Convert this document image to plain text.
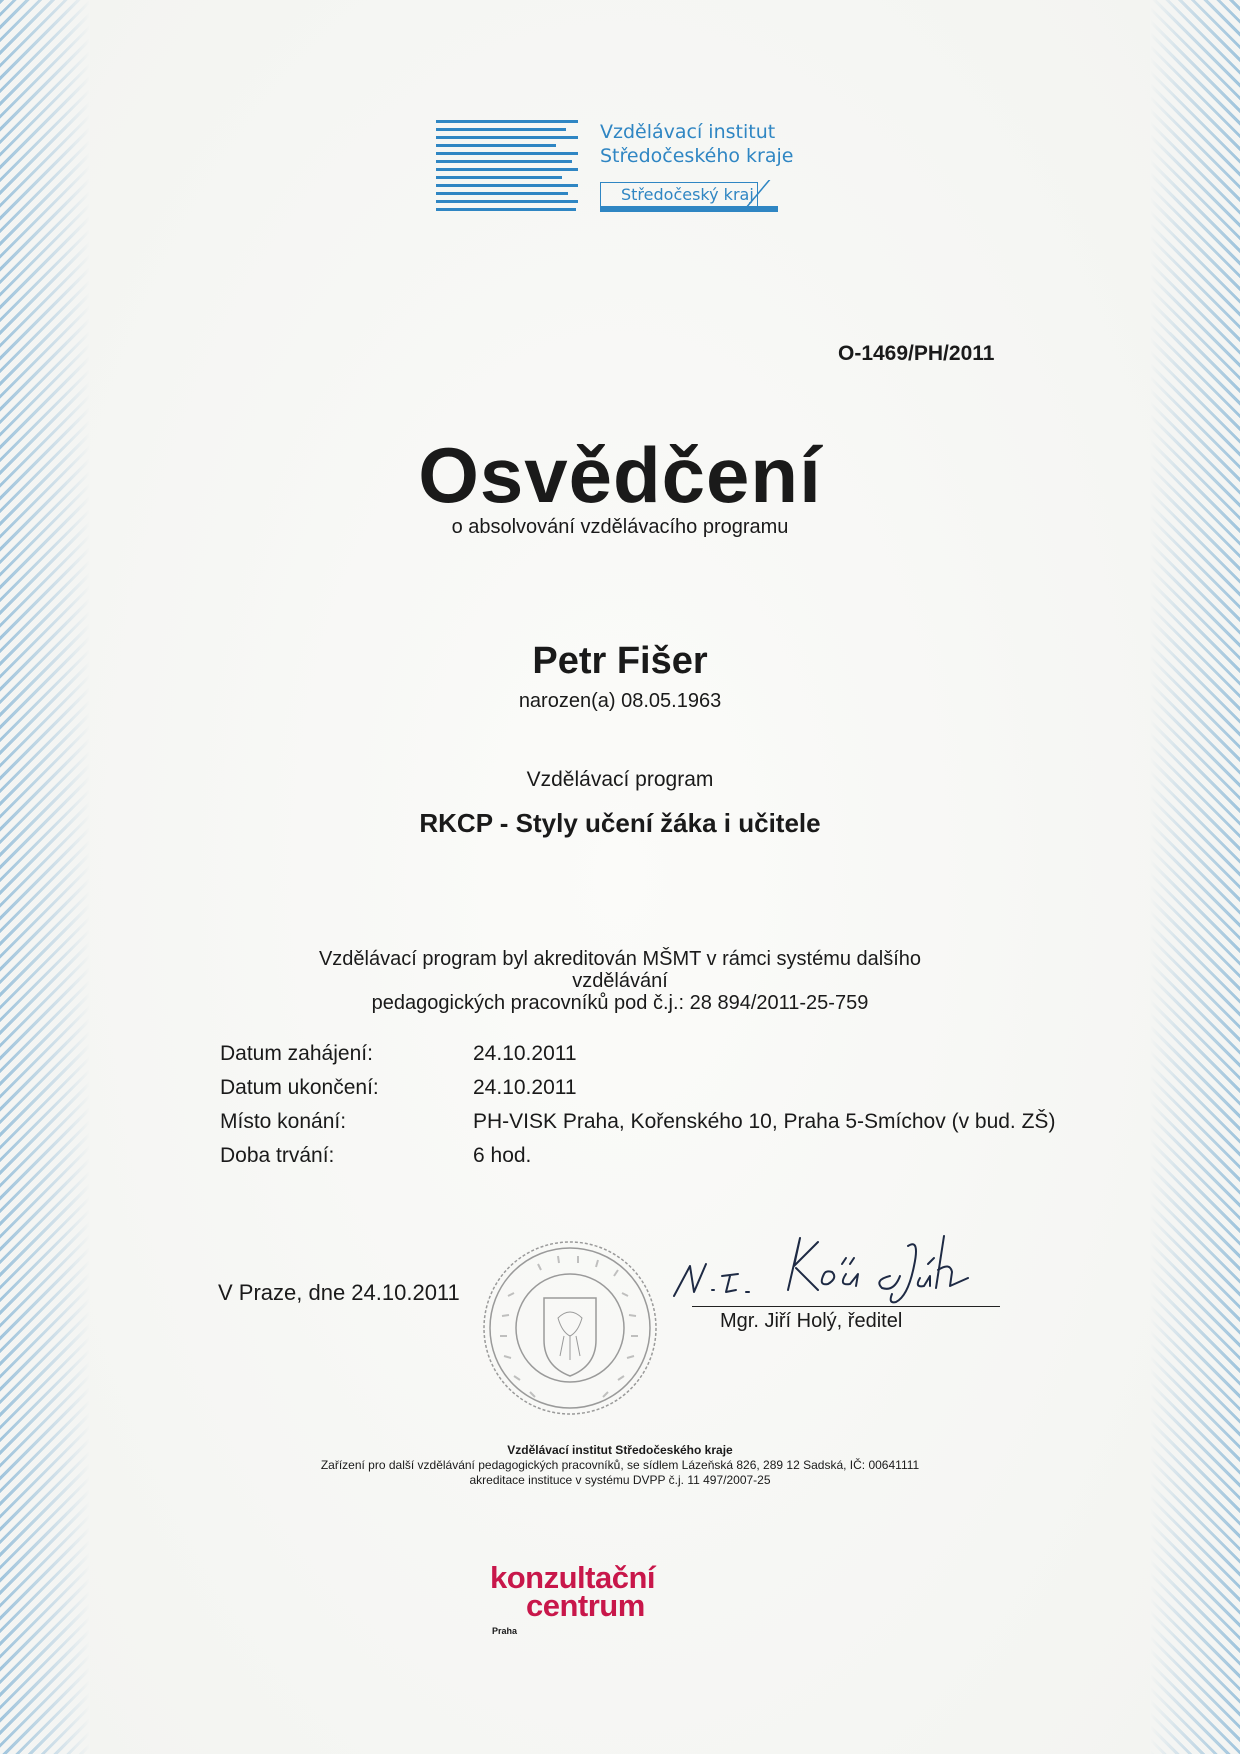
Vzdělávací institut
Středočeského kraje
Středočeský kraj
O-1469/PH/2011
Osvědčení
o absolvování vzdělávacího programu
Petr Fišer
narozen(a) 08.05.1963
Vzdělávací program
RKCP - Styly učení žáka i učitele
Vzdělávací program byl akreditován MŠMT v rámci systému dalšího
vzdělávání
pedagogických pracovníků pod č.j.: 28 894/2011-25-759
Datum zahájení:	24.10.2011
Datum ukončení:	24.10.2011
Místo konání:	PH-VISK Praha, Kořenského 10, Praha 5-Smíchov (v bud. ZŠ)
Doba trvání:	6 hod.
V Praze, dne 24.10.2011
Mgr. Jiří Holý, ředitel
Vzdělávací institut Středočeského kraje
Zařízení pro další vzdělávání pedagogických pracovníků, se sídlem Lázeňská 826, 289 12 Sadská, IČ: 00641111
akreditace instituce v systému DVPP č.j. 11 497/2007-25
konzultační
centrum
Praha
